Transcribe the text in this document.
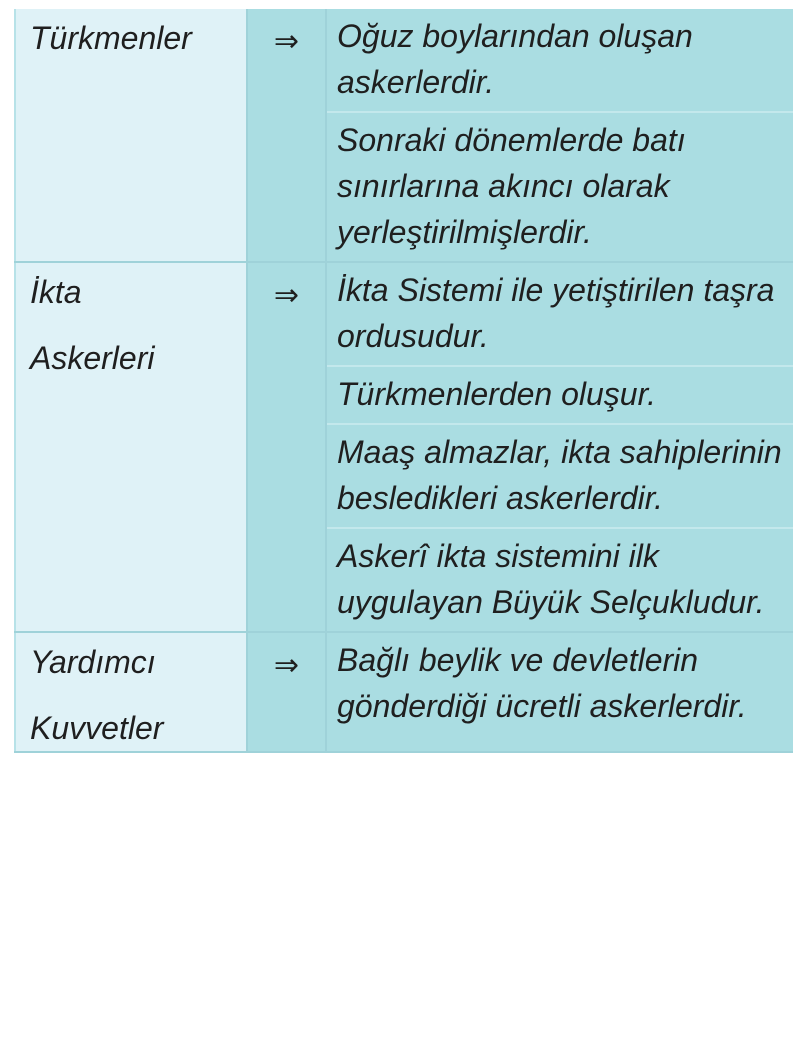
Türkmenler	⇒	Oğuz boylarından oluşan askerlerdir.

		Sonraki dönemlerde batı sınırlarına akıncı olarak yerleştirilmişlerdir.

İkta
Askerleri	⇒	İkta Sistemi ile yetiştirilen taşra ordusudur.

		Türkmenlerden oluşur.

		Maaş almazlar, ikta sahiplerinin besledikleri askerlerdir.

		Askerî ikta sistemini ilk uygulayan Büyük Selçukludur.

Yardımcı
Kuvvetler	⇒	Bağlı beylik ve devletlerin gönderdiği ücretli askerlerdir.
